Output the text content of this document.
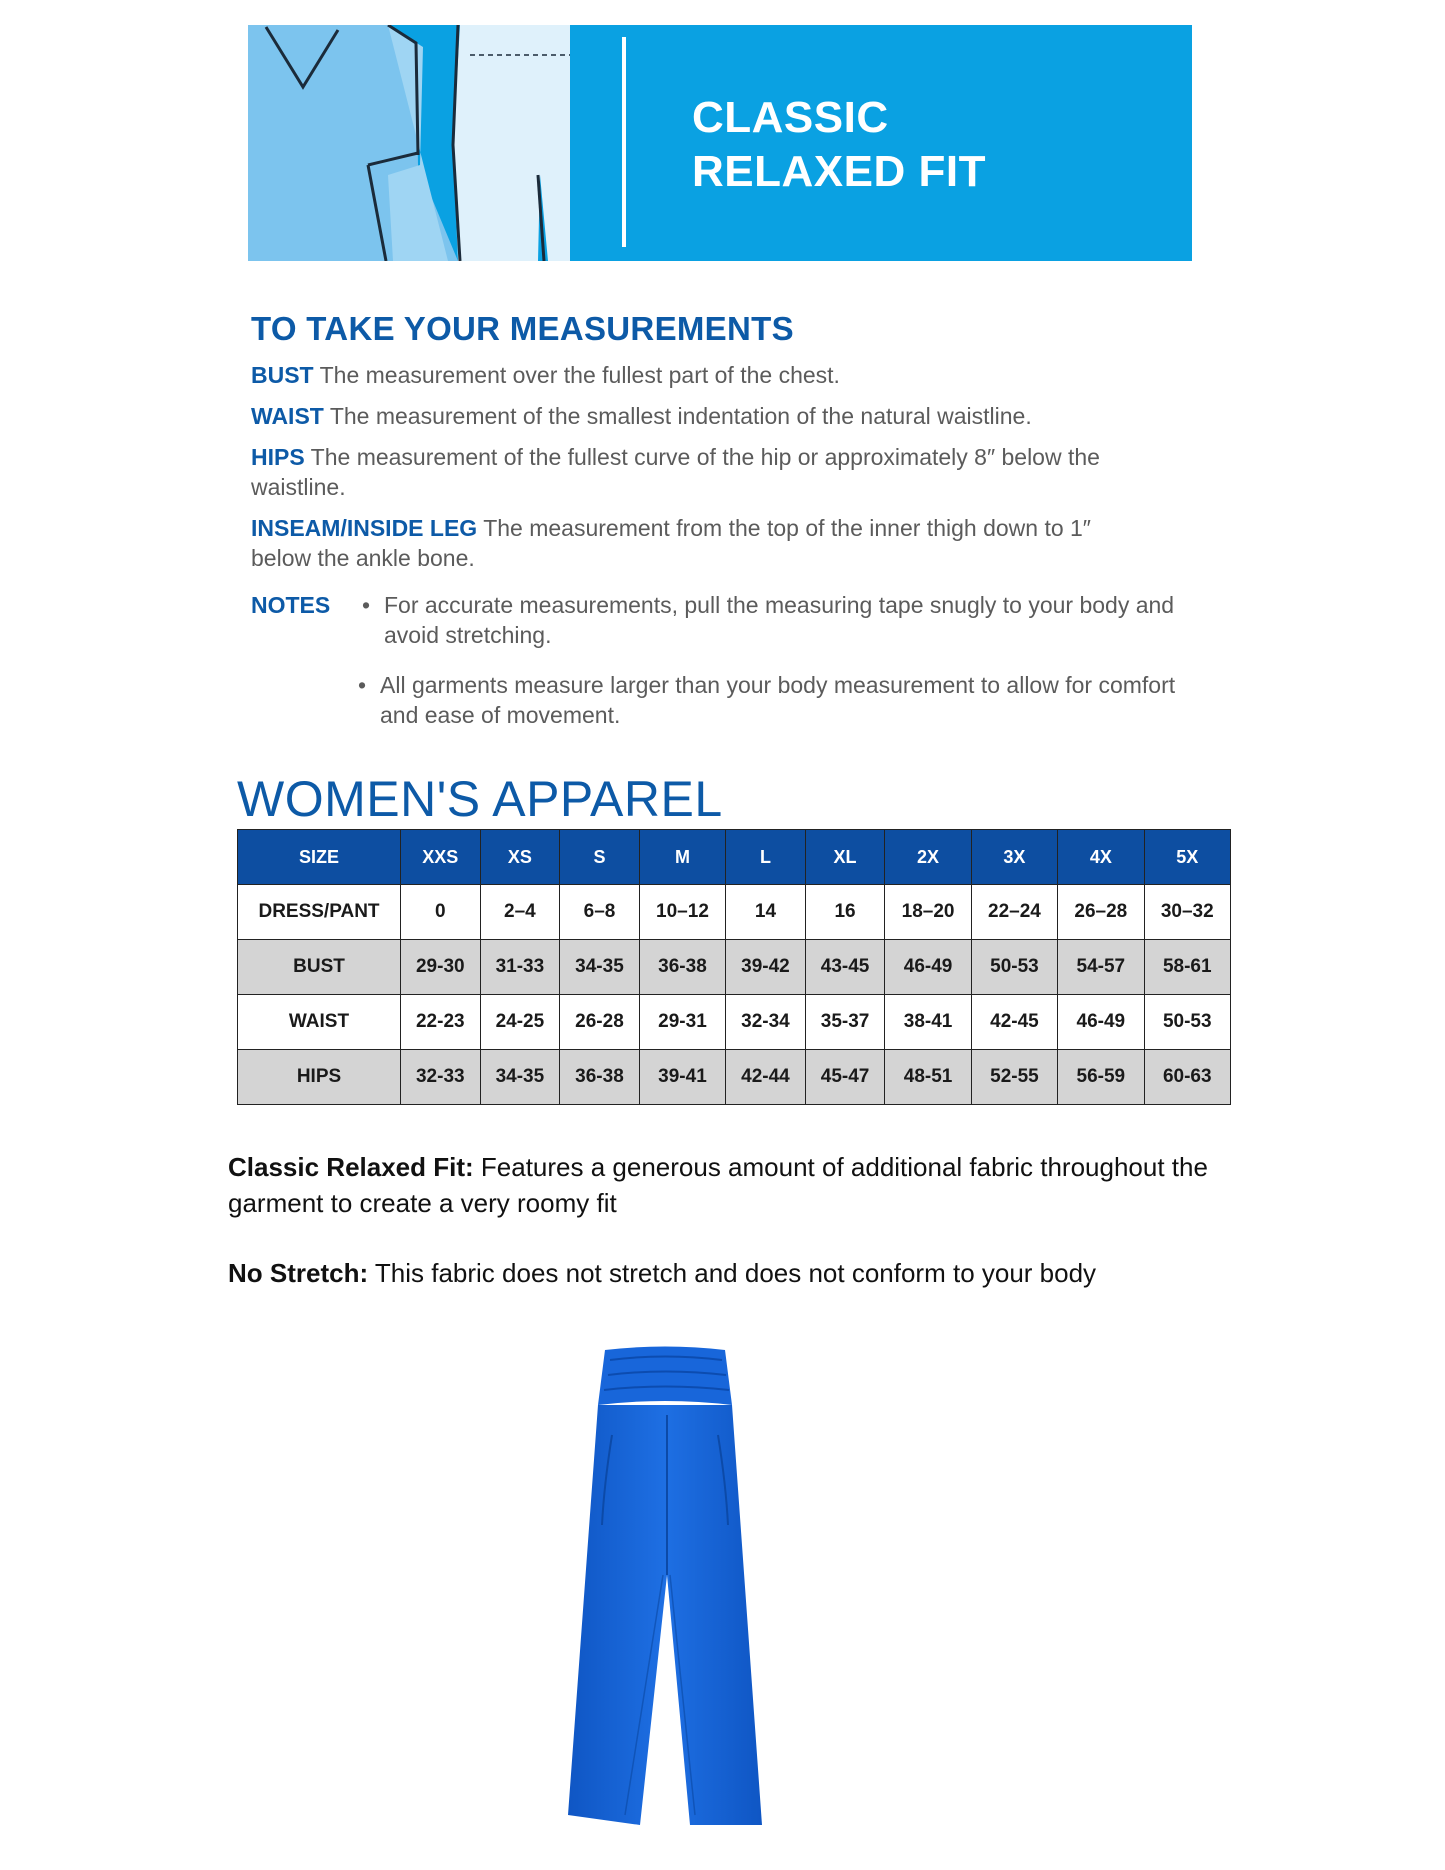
CLASSIC
RELAXED FIT
TO TAKE YOUR MEASUREMENTS
BUST The measurement over the fullest part of the chest.
WAIST The measurement of the smallest indentation of the natural waistline.
HIPS The measurement of the fullest curve of the hip or approximately 8″ below the waistline.
INSEAM/INSIDE LEG The measurement from the top of the inner thigh down to 1″ below the ankle bone.
NOTES • For accurate measurements, pull the measuring tape snugly to your body and avoid stretching.
• All garments measure larger than your body measurement to allow for comfort and ease of movement.
WOMEN'S APPAREL
SIZE	XXS	XS	S	M	L	XL	2X	3X	4X	5X
DRESS/PANT	0	2–4	6–8	10–12	14	16	18–20	22–24	26–28	30–32
BUST	29-30	31-33	34-35	36-38	39-42	43-45	46-49	50-53	54-57	58-61
WAIST	22-23	24-25	26-28	29-31	32-34	35-37	38-41	42-45	46-49	50-53
HIPS	32-33	34-35	36-38	39-41	42-44	45-47	48-51	52-55	56-59	60-63

Classic Relaxed Fit: Features a generous amount of additional fabric throughout the garment to create a very roomy fit

No Stretch: This fabric does not stretch and does not conform to your body
